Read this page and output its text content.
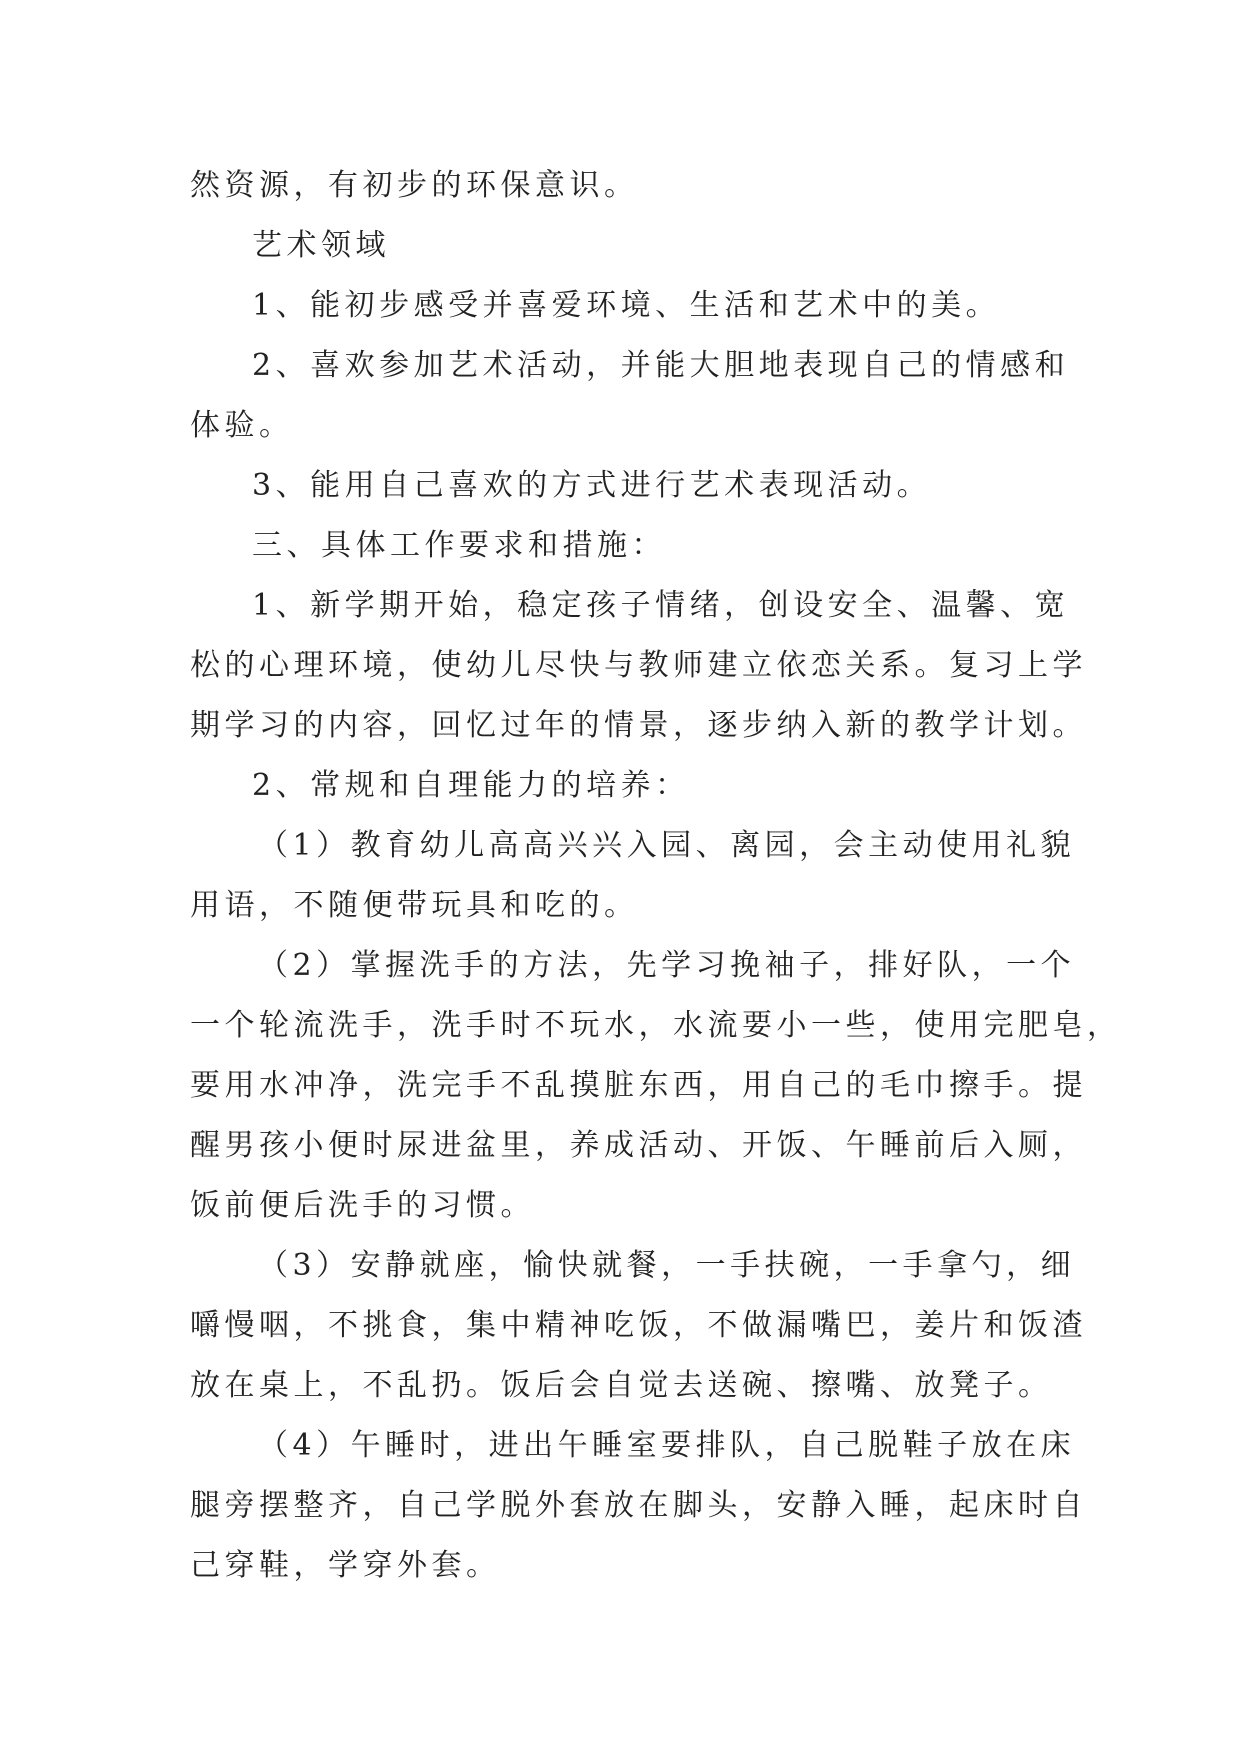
然资源，有初步的环保意识。

艺术领域

1、能初步感受并喜爱环境、生活和艺术中的美。

2、喜欢参加艺术活动，并能大胆地表现自己的情感和

体验。

3、能用自己喜欢的方式进行艺术表现活动。

三、具体工作要求和措施：

1、新学期开始，稳定孩子情绪，创设安全、温馨、宽

松的心理环境，使幼儿尽快与教师建立依恋关系。复习上学

期学习的内容，回忆过年的情景，逐步纳入新的教学计划。

2、常规和自理能力的培养：

（1）教育幼儿高高兴兴入园、离园，会主动使用礼貌

用语，不随便带玩具和吃的。

（2）掌握洗手的方法，先学习挽袖子，排好队，一个

一个轮流洗手，洗手时不玩水，水流要小一些，使用完肥皂，

要用水冲净，洗完手不乱摸脏东西，用自己的毛巾擦手。提

醒男孩小便时尿进盆里，养成活动、开饭、午睡前后入厕，

饭前便后洗手的习惯。

（3）安静就座，愉快就餐，一手扶碗，一手拿勺，细

嚼慢咽，不挑食，集中精神吃饭，不做漏嘴巴，姜片和饭渣

放在桌上，不乱扔。饭后会自觉去送碗、擦嘴、放凳子。

（4）午睡时，进出午睡室要排队，自己脱鞋子放在床

腿旁摆整齐，自己学脱外套放在脚头，安静入睡，起床时自

己穿鞋，学穿外套。
